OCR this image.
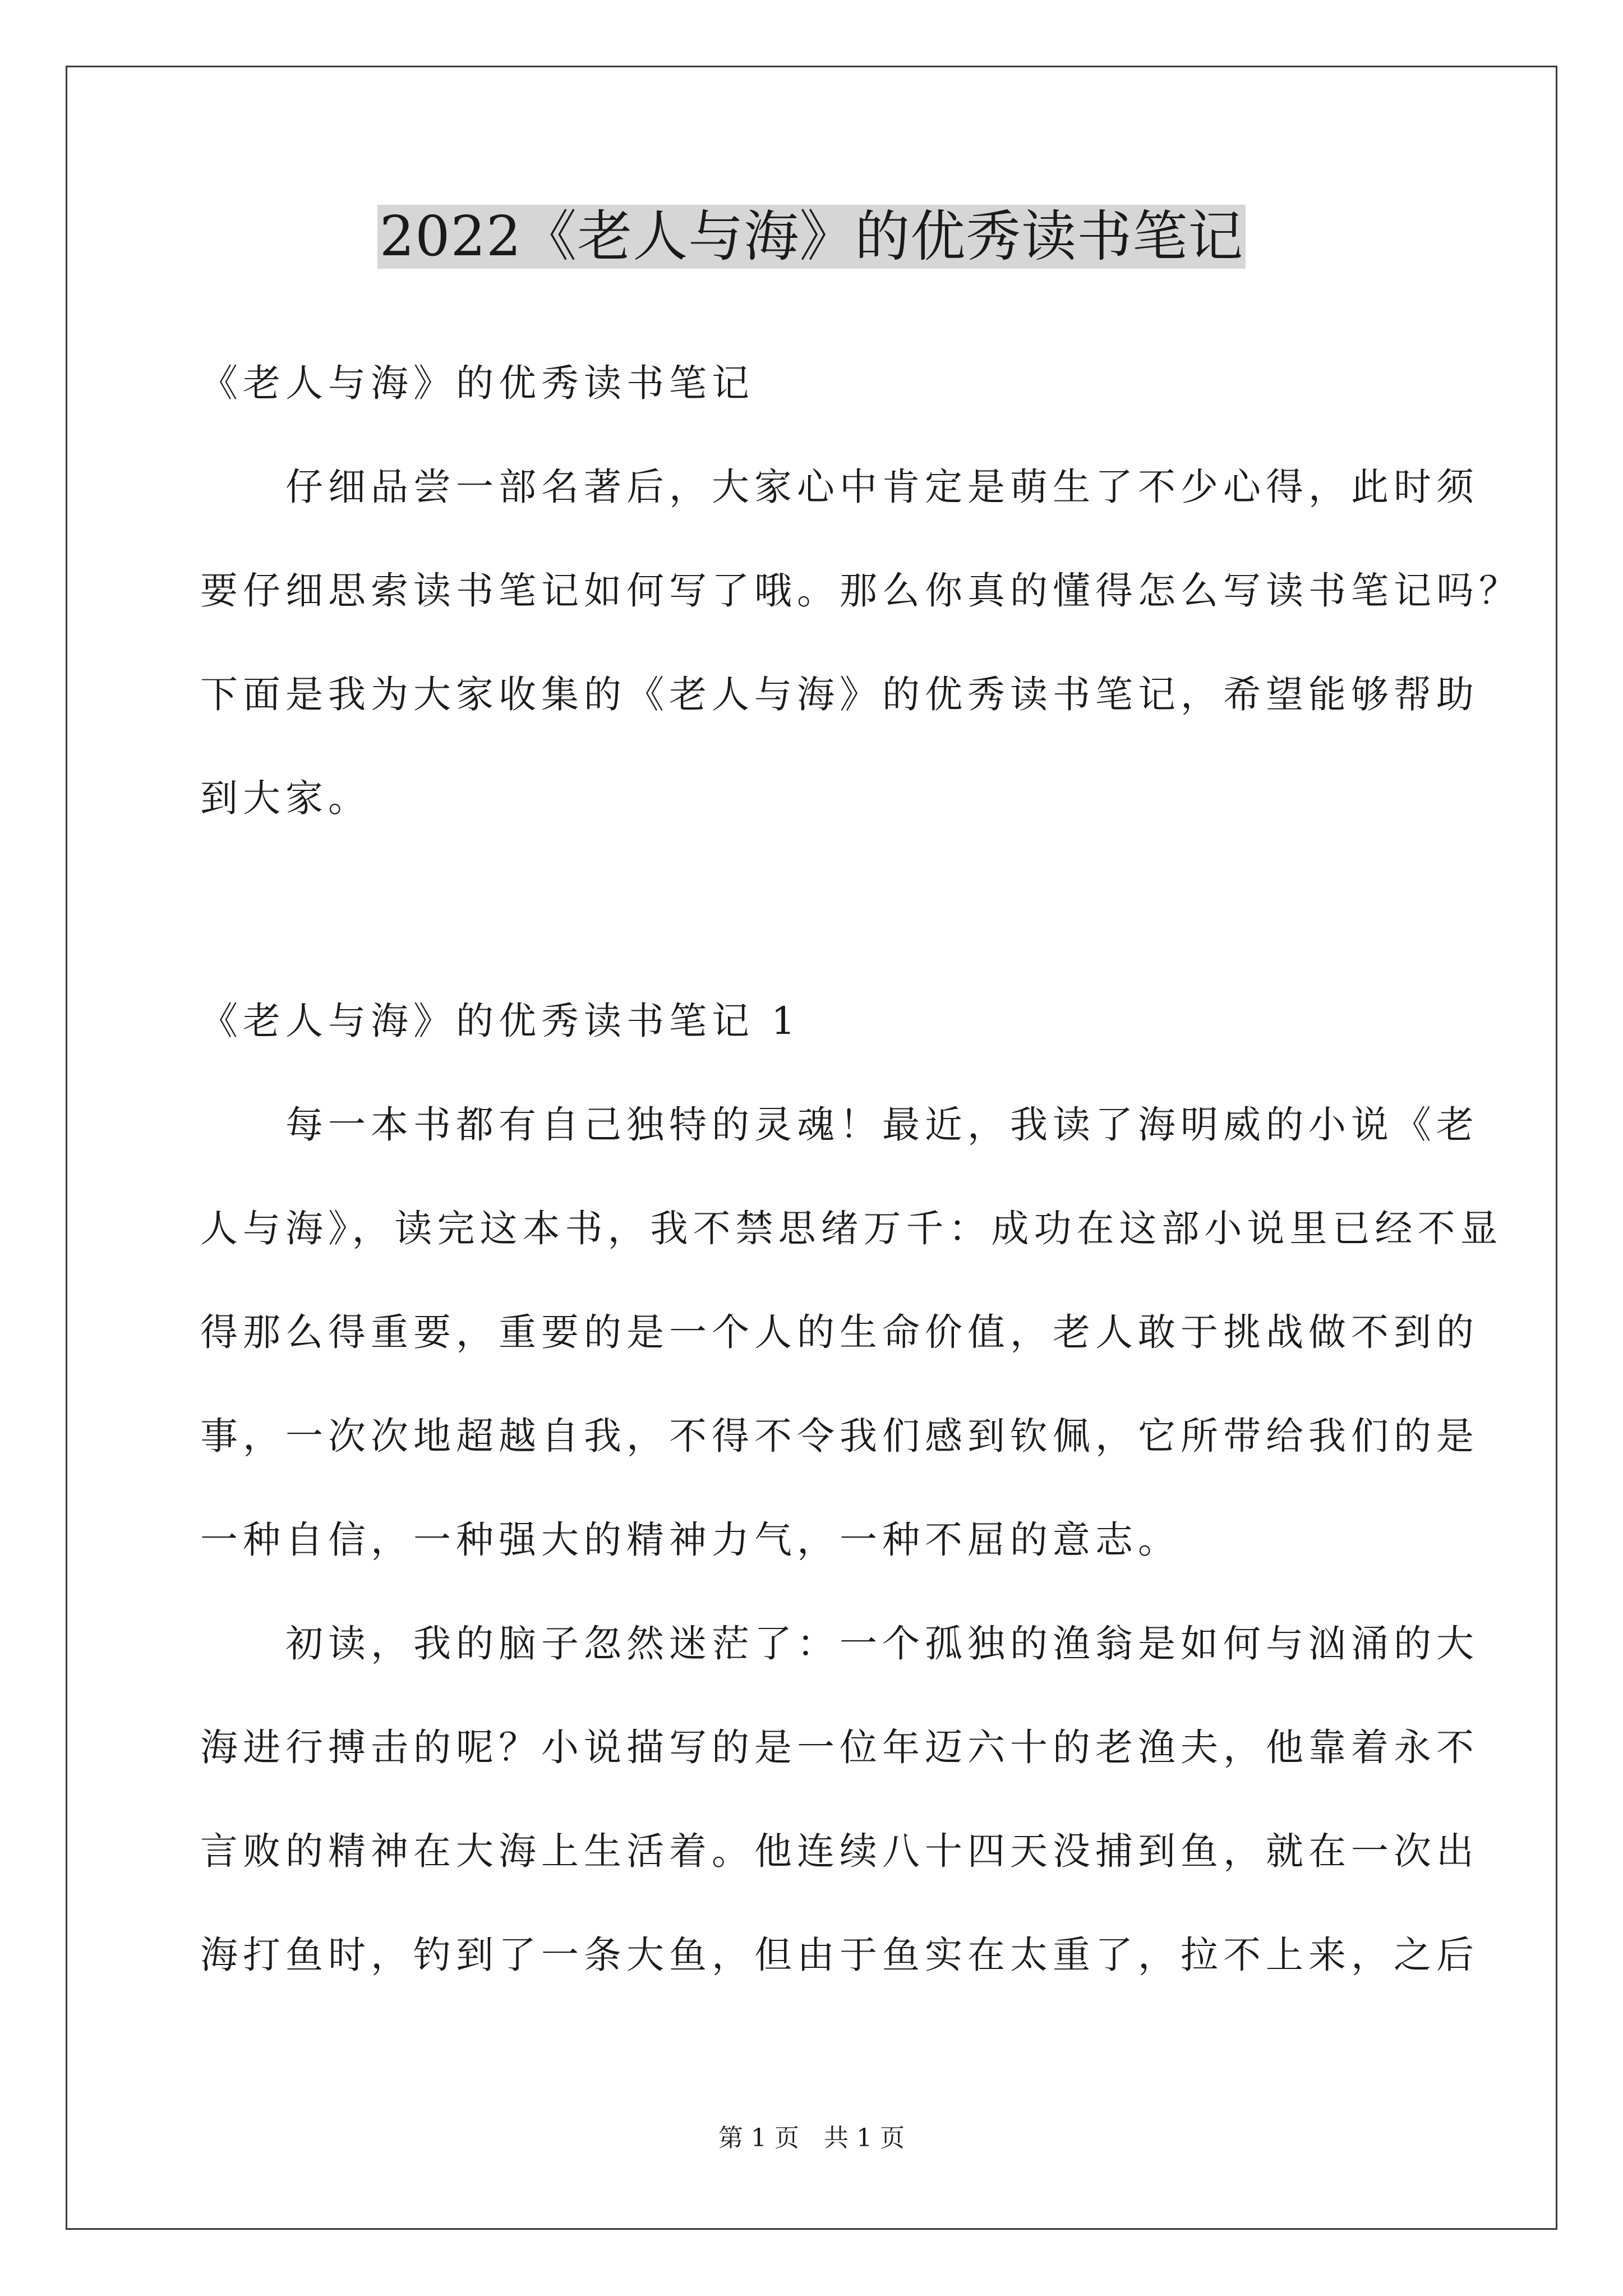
2022《老人与海》的优秀读书笔记
《老人与海》的优秀读书笔记
　　仔细品尝一部名著后，大家心中肯定是萌生了不少心得，此时须
要仔细思索读书笔记如何写了哦。那么你真的懂得怎么写读书笔记吗？
下面是我为大家收集的《老人与海》的优秀读书笔记，希望能够帮助
到大家。
《老人与海》的优秀读书笔记 1
　　每一本书都有自己独特的灵魂！最近，我读了海明威的小说《老
人与海》，读完这本书，我不禁思绪万千：成功在这部小说里已经不显
得那么得重要，重要的是一个人的生命价值，老人敢于挑战做不到的
事，一次次地超越自我，不得不令我们感到钦佩，它所带给我们的是
一种自信，一种强大的精神力气，一种不屈的意志。
　　初读，我的脑子忽然迷茫了：一个孤独的渔翁是如何与汹涌的大
海进行搏击的呢？小说描写的是一位年迈六十的老渔夫，他靠着永不
言败的精神在大海上生活着。他连续八十四天没捕到鱼，就在一次出
海打鱼时，钓到了一条大鱼，但由于鱼实在太重了，拉不上来，之后
第 1 页　共 1 页
